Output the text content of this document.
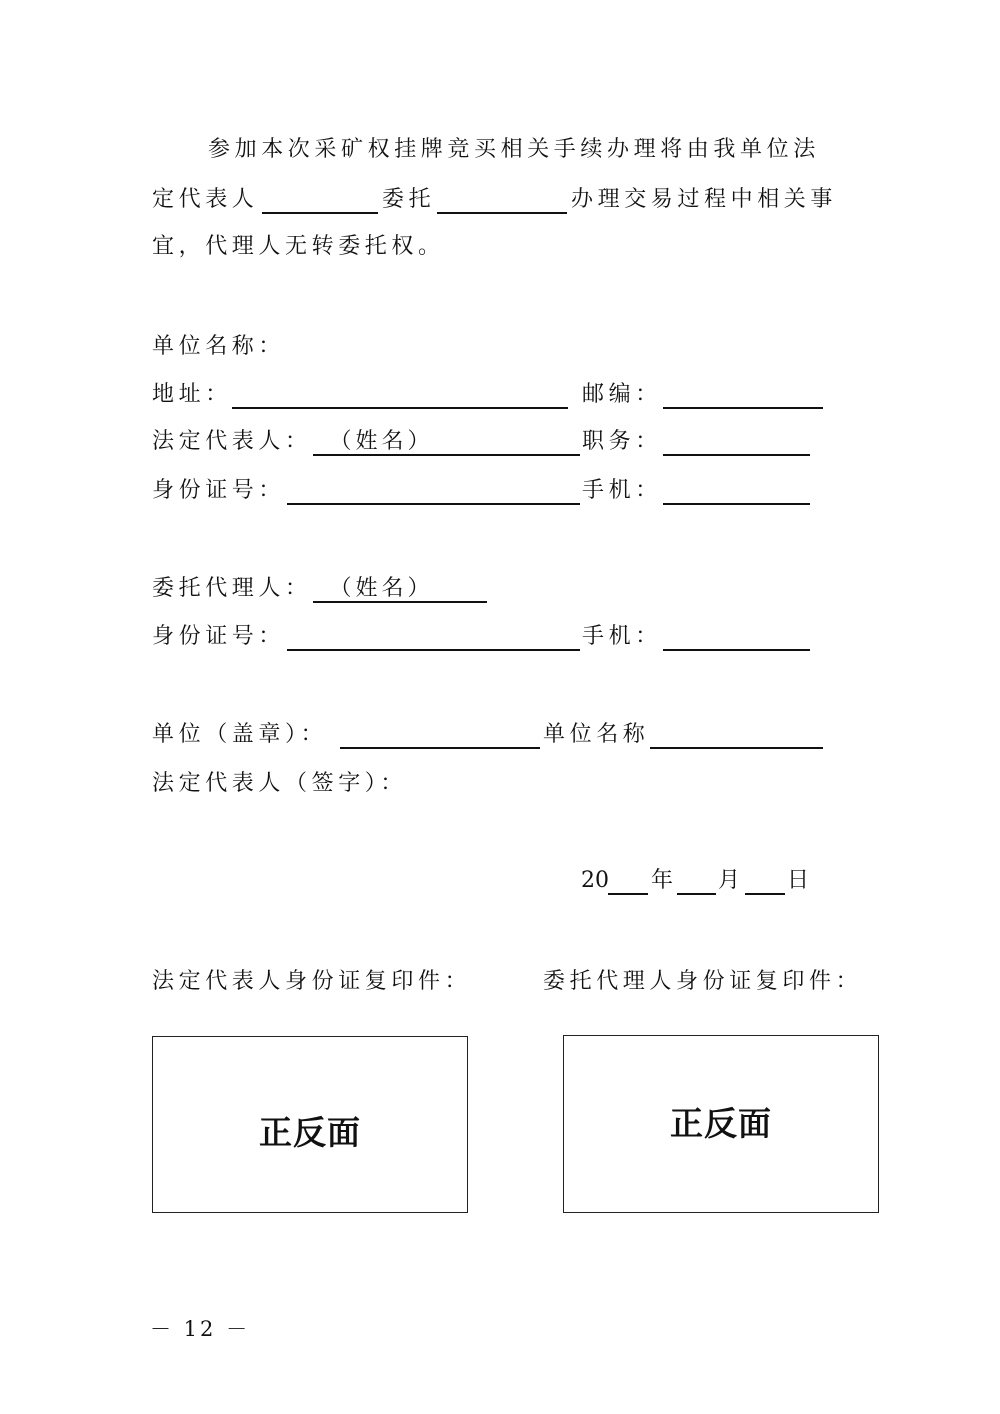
参加本次采矿权挂牌竞买相关手续办理将由我单位法
定代表人	委托	办理交易过程中相关事
宜，代理人无转委托权。
单位名称：
地址：	邮编：
法定代表人： （姓名）	职务：
身份证号：	手机：
委托代理人： （姓名）
身份证号：	手机：
单位（盖章）：	单位名称
法定代表人（签字）：
20 年 月 日
法定代表人身份证复印件：	委托代理人身份证复印件：
正反面	正反面
－ 12 －
